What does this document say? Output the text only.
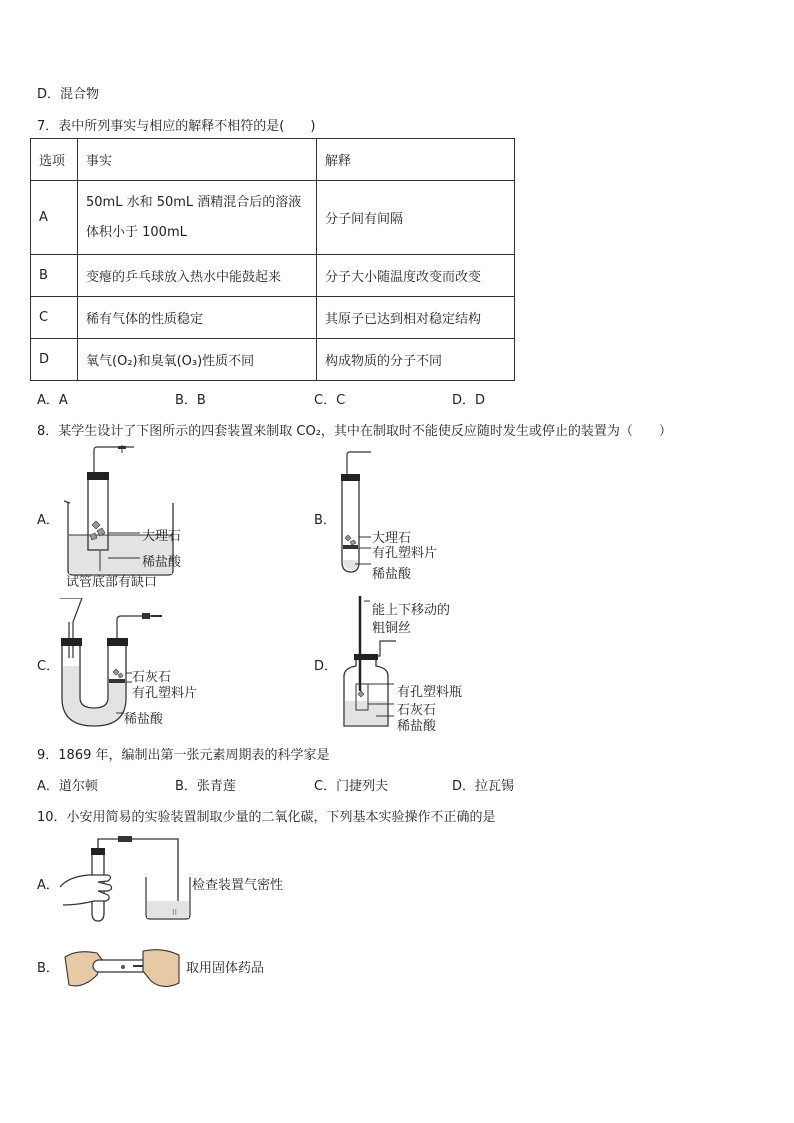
D．混合物
7．表中所列事实与相应的解释不相符的是(　　)
选项	事实	解释
A	50mL 水和 50mL 酒精混合后的溶液
体积小于 100mL	分子间有间隔
B	变瘪的乒乓球放入热水中能鼓起来	分子大小随温度改变而改变
C	稀有气体的性质稳定	其原子已达到相对稳定结构
D	氧气(O₂)和臭氧(O₃)性质不同	构成物质的分子不同
A．A	B．B	C．C	D．D
8．某学生设计了下图所示的四套装置来制取 CO₂，其中在制取时不能使反应随时发生或停止的装置为（　　）
A．
大理石
稀盐酸
试管底部有缺口
B．
大理石
有孔塑料片
稀盐酸
C．
石灰石
有孔塑料片
稀盐酸
D．
能上下移动的
粗铜丝
有孔塑料瓶
石灰石
稀盐酸
9．1869 年，编制出第一张元素周期表的科学家是
A．道尔顿	B．张青莲	C．门捷列夫	D．拉瓦锡
10．小安用简易的实验装置制取少量的二氧化碳，下列基本实验操作不正确的是
A．
⁝⁝
检查装置气密性
B．	取用固体药品
